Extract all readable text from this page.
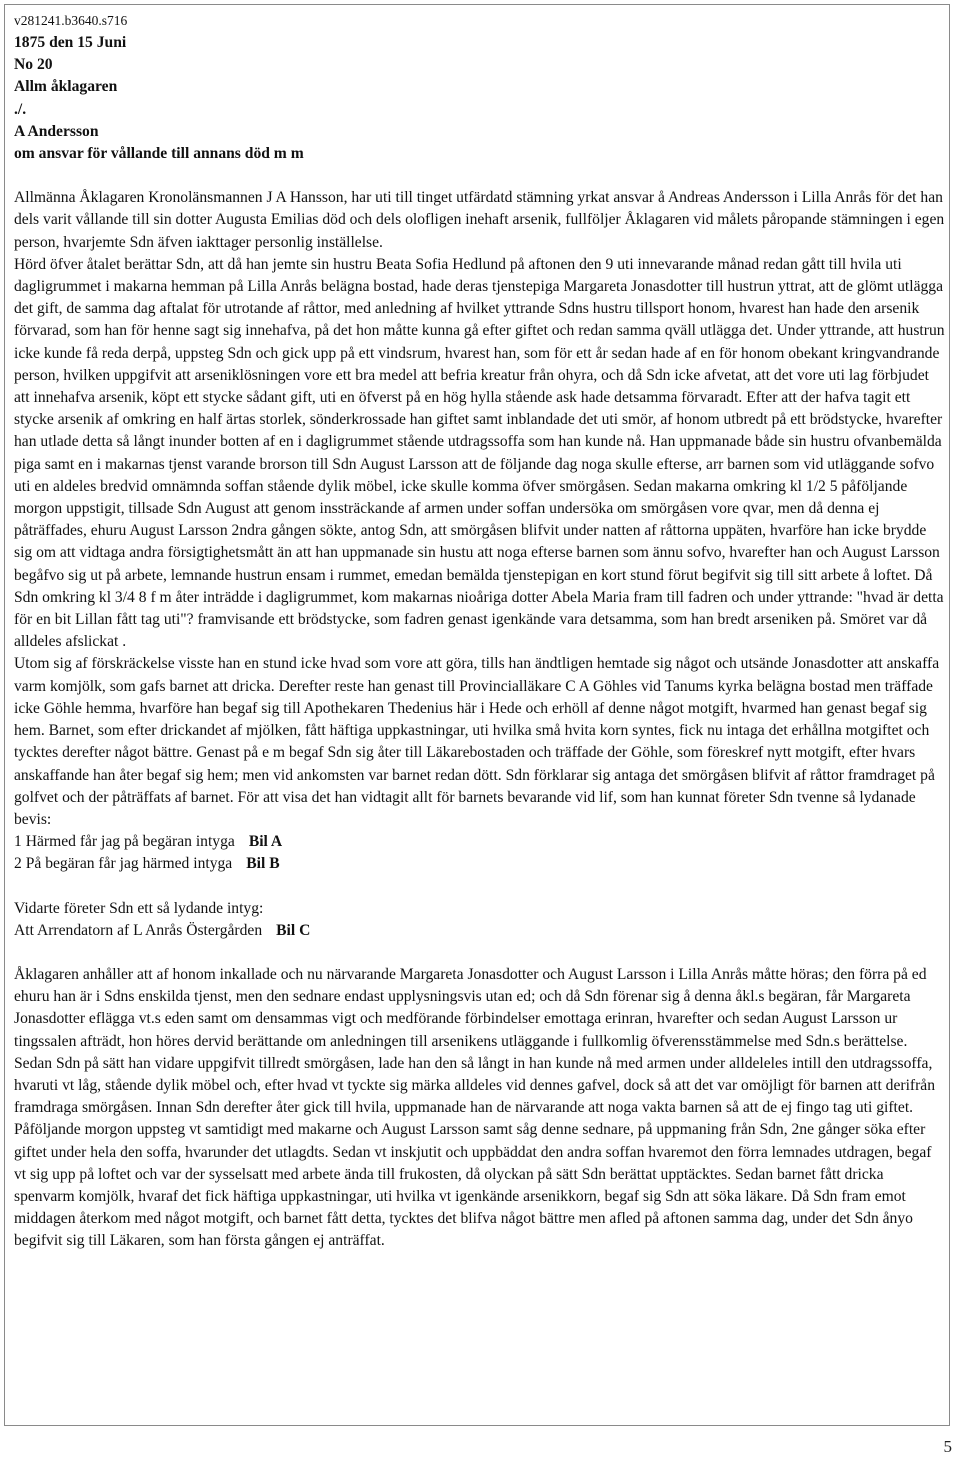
v281241.b3640.s716
1875 den 15 Juni
No 20
Allm åklagaren
./.
A Andersson
om ansvar för vållande till annans död m m

Allmänna Åklagaren Kronolänsmannen J A Hansson, har uti till tinget utfärdatd stämning yrkat ansvar å Andreas Andersson i Lilla Anrås för det han dels varit vållande till sin dotter Augusta Emilias död och dels olofligen inehaft arsenik, fullföljer Åklagaren vid målets påropande stämningen i egen person, hvarjemte Sdn äfven iakttager personlig inställelse.

Hörd öfver åtalet berättar Sdn, att då han jemte sin hustru Beata Sofia Hedlund på aftonen den 9 uti innevarande månad redan gått till hvila uti dagligrummet i makarna hemman på Lilla Anrås belägna bostad, hade deras tjenstepiga Margareta Jonasdotter till hustrun yttrat, att de glömt utlägga det gift, de samma dag aftalat för utrotande af råttor, med anledning af hvilket yttrande Sdns hustru tillsport honom, hvarest han hade den arsenik förvarad, som han för henne sagt sig innehafva, på det hon måtte kunna gå efter giftet och redan samma qväll utlägga det. Under yttrande, att hustrun icke kunde få reda derpå, uppsteg Sdn och gick upp på ett vindsrum, hvarest han, som för ett år sedan hade af en för honom obekant kringvandrande person, hvilken uppgifvit att arseniklösningen vore ett bra medel att befria kreatur från ohyra, och då Sdn icke afvetat, att det vore uti lag förbjudet att innehafva arsenik, köpt ett stycke sådant gift, uti en öfverst på en hög hylla stående ask hade detsamma förvaradt. Efter att der hafva tagit ett stycke arsenik af omkring en half ärtas storlek, sönderkrossade han giftet samt inblandade det uti smör, af honom utbredt på ett brödstycke, hvarefter han utlade detta så långt inunder botten af en i dagligrummet stående utdragssoffa som han kunde nå. Han uppmanade både sin hustru ofvanbemälda piga samt en i makarnas tjenst varande brorson till Sdn August Larsson att de följande dag noga skulle efterse, arr barnen som vid utläggande sofvo uti en aldeles bredvid omnämnda soffan stående dylik möbel, icke skulle komma öfver smörgåsen. Sedan makarna omkring kl 1/2 5 påföljande morgon uppstigit, tillsade Sdn August att genom inssträckande af armen under soffan undersöka om smörgåsen vore qvar, men då denna ej påträffades, ehuru August Larsson 2ndra gången sökte, antog Sdn, att smörgåsen blifvit under natten af råttorna uppäten, hvarföre han icke brydde sig om att vidtaga andra försigtighetsmått än att han uppmanade sin hustu att noga efterse barnen som ännu sofvo, hvarefter han och August Larsson begåfvo sig ut på arbete, lemnande hustrun ensam i rummet, emedan bemälda tjenstepigan en kort stund förut begifvit sig till sitt arbete å loftet. Då Sdn omkring kl 3/4 8 f m åter inträdde i dagligrummet, kom makarnas nioåriga dotter Abela Maria fram till fadren och under yttrande: "hvad är detta för en bit Lillan fått tag uti"? framvisande ett brödstycke, som fadren genast igenkände vara detsamma, som han bredt arseniken på. Smöret var då alldeles afslickat .

Utom sig af förskräckelse visste han en stund icke hvad som vore att göra, tills han ändtligen hemtade sig något och utsände Jonasdotter att anskaffa varm komjölk, som gafs barnet att dricka. Derefter reste han genast till Provincialläkare C A Göhles vid Tanums kyrka belägna bostad men träffade icke Göhle hemma, hvarföre han begaf sig till Apothekaren Thedenius här i Hede och erhöll af denne något motgift, hvarmed han genast begaf sig hem. Barnet, som efter drickandet af mjölken, fått häftiga uppkastningar, uti hvilka små hvita korn syntes, fick nu intaga det erhållna motgiftet och tycktes derefter något bättre. Genast på e m begaf Sdn sig åter till Läkarebostaden och träffade der Göhle, som föreskref nytt motgift, efter hvars anskaffande han åter begaf sig hem; men vid ankomsten var barnet redan dött. Sdn förklarar sig antaga det smörgåsen blifvit af råttor framdraget på golfvet och der påträffats af barnet. För att visa det han vidtagit allt för barnets bevarande vid lif, som han kunnat företer Sdn tvenne så lydanade bevis:

1 Härmed får jag på begäran intyga Bil A
2 På begäran får jag härmed intyga Bil B
Vidarte företer Sdn ett så lydande intyg:
Att Arrendatorn af L Anrås Östergården Bil C

Åklagaren anhåller att af honom inkallade och nu närvarande Margareta Jonasdotter och August Larsson i Lilla Anrås måtte höras; den förra på ed ehuru han är i Sdns enskilda tjenst, men den sednare endast upplysningsvis utan ed; och då Sdn förenar sig å denna åkl.s begäran, får Margareta Jonasdotter eflägga vt.s eden samt om densammas vigt och medförande förbindelser emottaga erinran, hvarefter och sedan August Larsson ur tingssalen afträdt, hon höres dervid berättande om anledningen till arsenikens utläggande i fullkomlig öfverensstämmelse med Sdn.s berättelse. Sedan Sdn på sätt han vidare uppgifvit tillredt smörgåsen, lade han den så långt in han kunde nå med armen under alldeleles intill den utdragssoffa, hvaruti vt låg, stående dylik möbel och, efter hvad vt tyckte sig märka alldeles vid dennes gafvel, dock så att det var omöjligt för barnen att derifrån framdraga smörgåsen. Innan Sdn derefter åter gick till hvila, uppmanade han de närvarande att noga vakta barnen så att de ej fingo tag uti giftet. Påföljande morgon uppsteg vt samtidigt med makarne och August Larsson samt såg denne sednare, på uppmaning från Sdn, 2ne gånger söka efter giftet under hela den soffa, hvarunder det utlagdts. Sedan vt inskjutit och uppbäddat den andra soffan hvaremot den förra lemnades utdragen, begaf vt sig upp på loftet och var der sysselsatt med arbete ända till frukosten, då olyckan på sätt Sdn berättat upptäcktes. Sedan barnet fått dricka spenvarm komjölk, hvaraf det fick häftiga uppkastningar, uti hvilka vt igenkände arsenikkorn, begaf sig Sdn att söka läkare. Då Sdn fram emot middagen återkom med något motgift, och barnet fått detta, tycktes det blifva något bättre men afled på aftonen samma dag, under det Sdn ånyo begifvit sig till Läkaren, som han första gången ej anträffat.

5
